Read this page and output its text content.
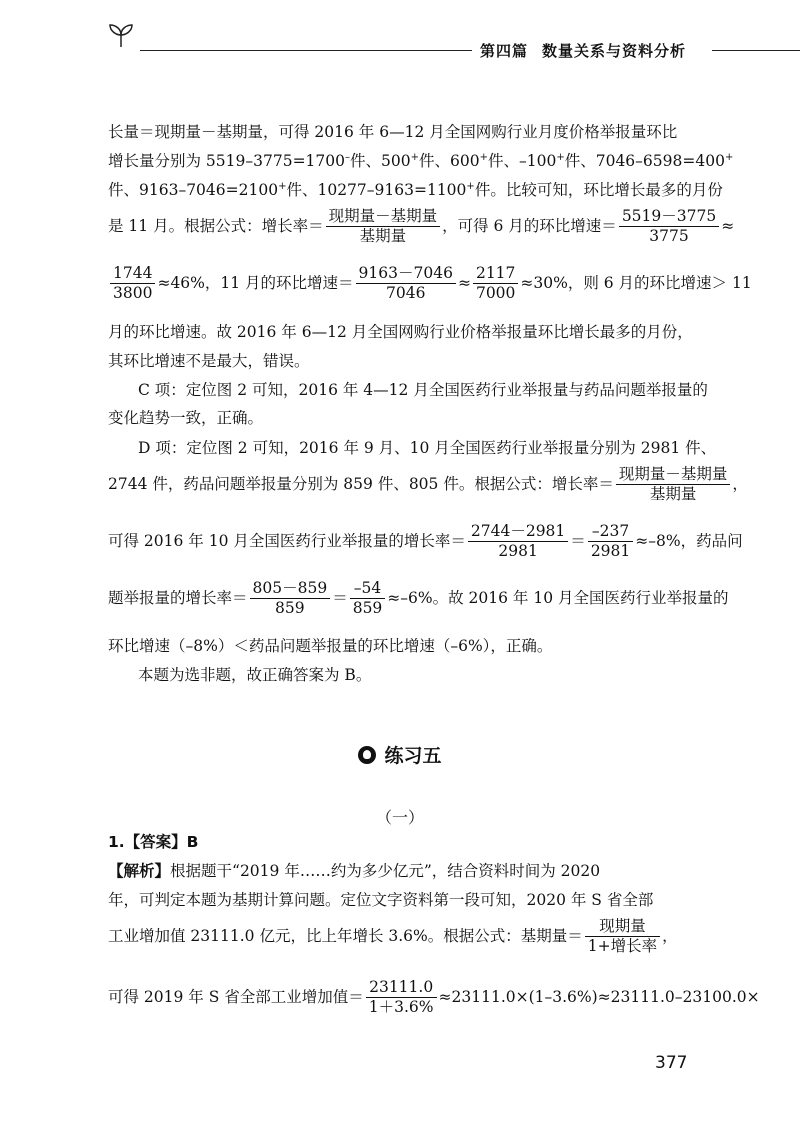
第四篇 数量关系与资料分析
长量＝现期量－基期量，可得 2016 年 6—12 月全国网购行业月度价格举报量环比
增长量分别为 5519–3775=1700–件、500+件、600+件、–100+件、7046–6598=400+
件、9163–7046=2100+件、10277–9163=1100+件。比较可知，环比增长最多的月份
是 11 月。根据公式：增长率＝ $\frac{\text{现期量－基期量}}{\text{基期量}}$ ，可得 6 月的环比增速＝ $\frac{5519-3775}{3775}$ ≈
$\frac{1744}{3800} \approx 46\%$，11 月的环比增速＝ $\frac{9163-7046}{7046} \approx \frac{2117}{7000} \approx 30\%$，则 6 月的环比增速＞ 11
月的环比增速。故 2016 年 6—12 月全国网购行业价格举报量环比增长最多的月份，
其环比增速不是最大，错误。
C 项：定位图 2 可知，2016 年 4—12 月全国医药行业举报量与药品问题举报量的
变化趋势一致，正确。
D 项：定位图 2 可知，2016 年 9 月、10 月全国医药行业举报量分别为 2981 件、
2744 件，药品问题举报量分别为 859 件、805 件。根据公式：增长率＝ $\frac{\text{现期量－基期量}}{\text{基期量}}$ ，
可得 2016 年 10 月全国医药行业举报量的增长率＝ $\frac{2744-2981}{2981} = \frac{-237}{2981} \approx-8\%$，药品问
题举报量的增长率＝ $\frac{805-859}{859} = \frac{-54}{859} \approx-6\%$。故 2016 年 10 月全国医药行业举报量的
环比增速（–8%）＜药品问题举报量的环比增速（–6%），正确。
本题为选非题，故正确答案为 B。
练习五
（一）
1.【答案】B
【解析】根据题干“2019 年……约为多少亿元”，结合资料时间为 2020
年，可判定本题为基期计算问题。定位文字资料第一段可知，2020 年 S 省全部
工业增加值 23111.0 亿元，比上年增长 3.6%。根据公式：基期量＝ $\frac{\text{现期量}}{\text{1+增长率}}$ ，
可得 2019 年 S 省全部工业增加值＝ $\frac{23111.0}{1+3.6\%} \approx 23111.0\times(1-3.6\%)\approx 23111.0-23100.0\times$
377
